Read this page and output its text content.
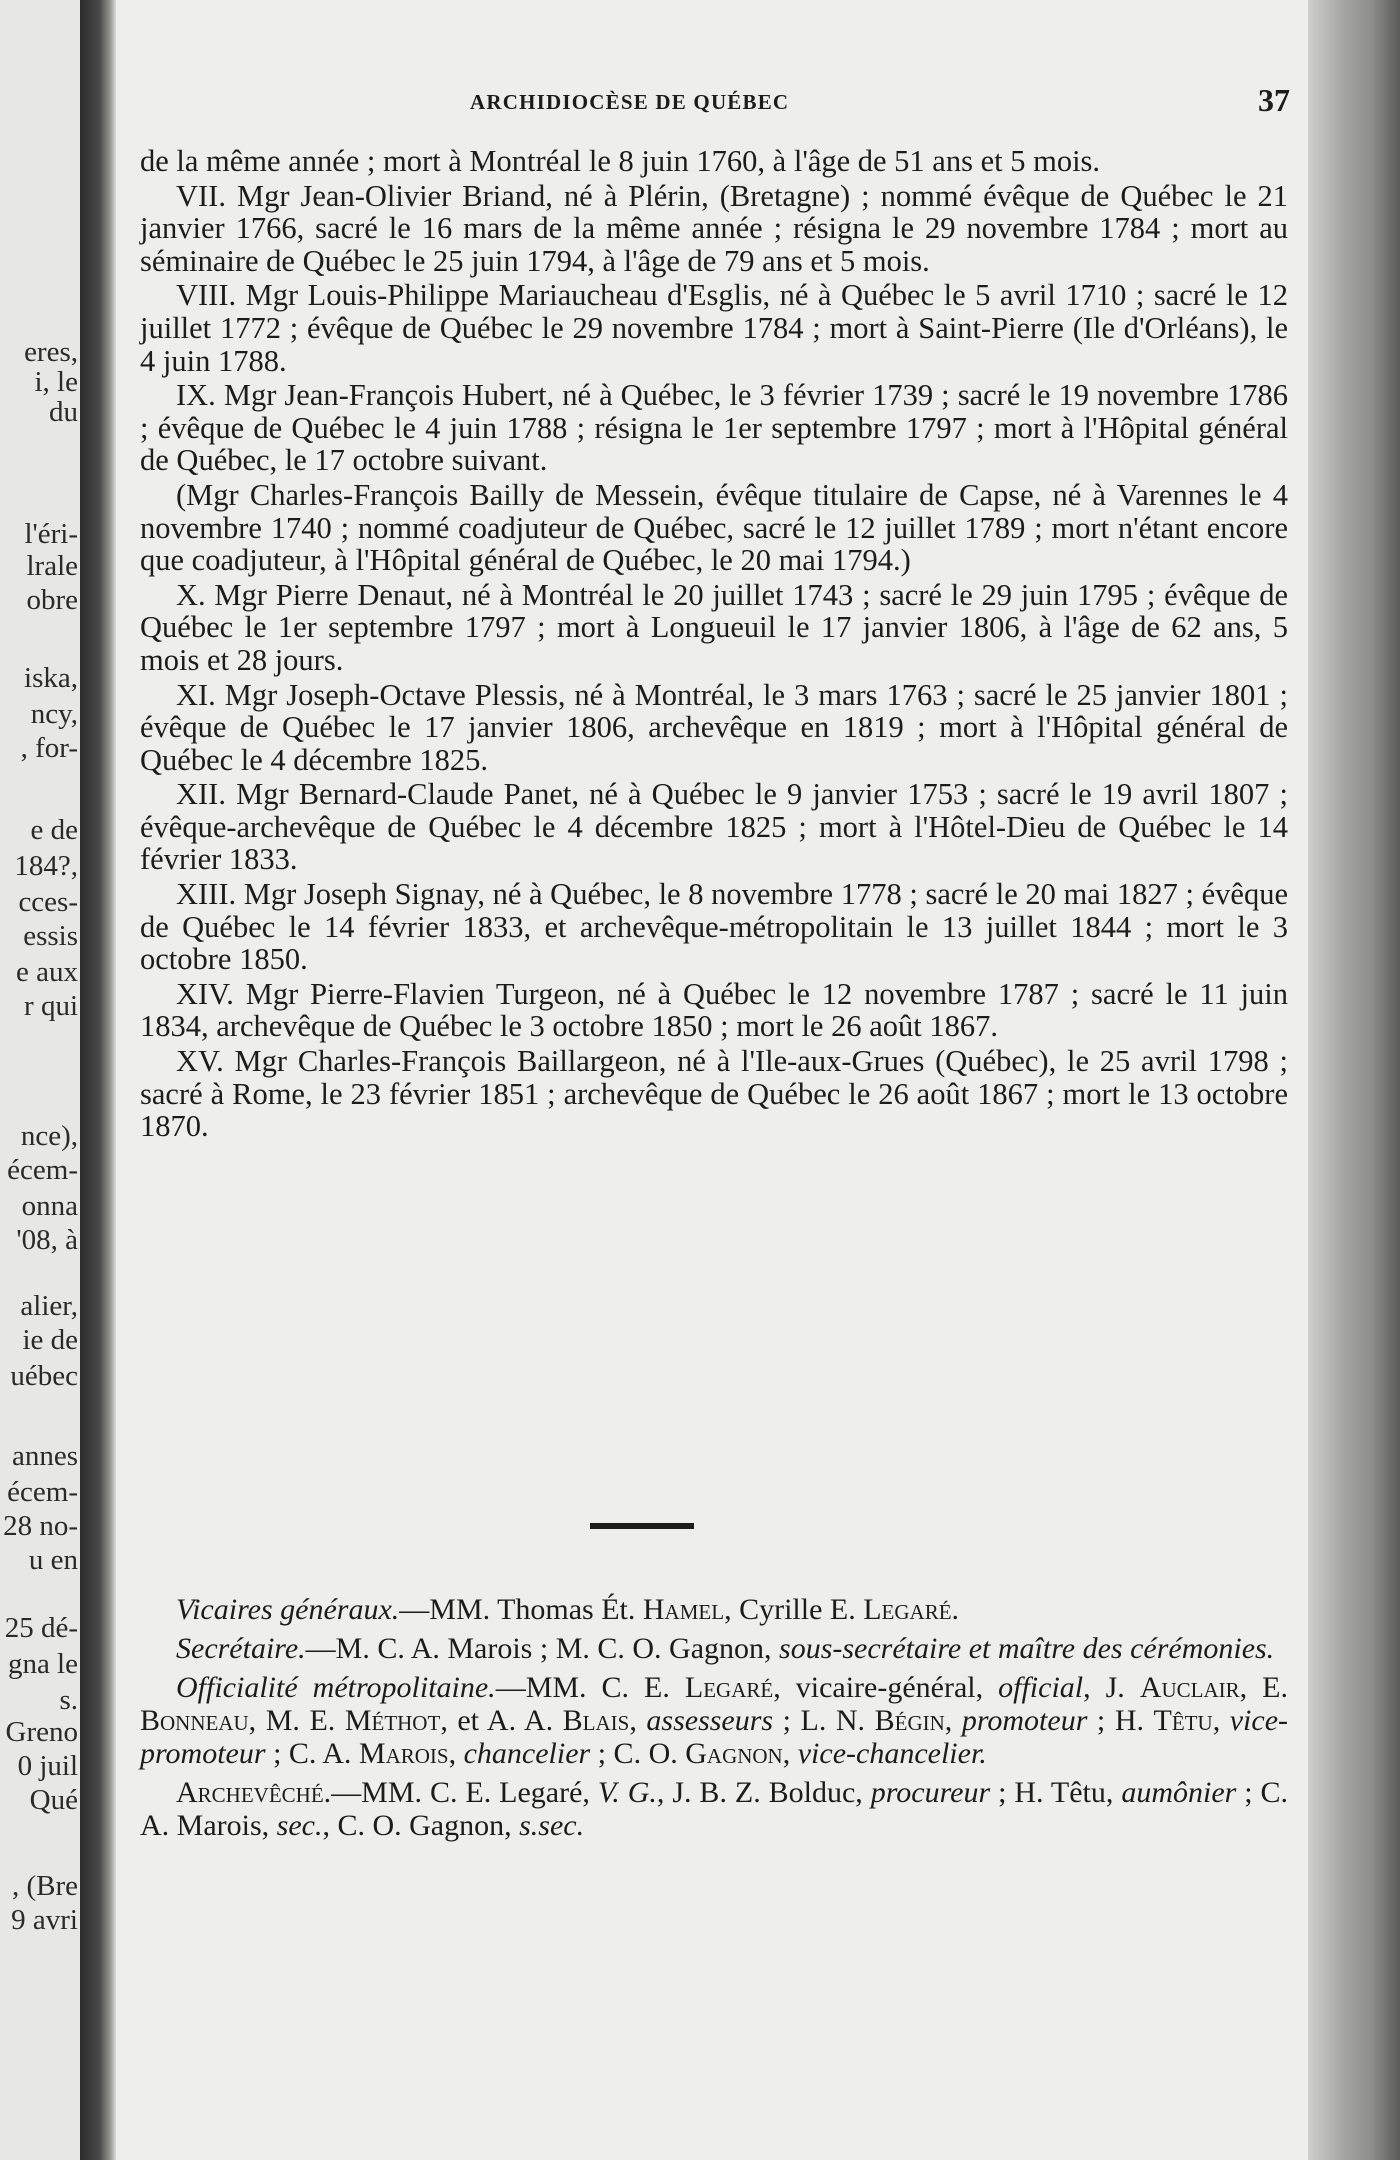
eres,
i, le
du
l'éri-
lrale
obre
iska,
ncy,
, for-
e de
184?,
cces-
essis
e aux
r qui
nce),
écem-
onna
'08, à
alier,
ie de
uébec
annes
écem-
28 no-
u en
25 dé-
gna le
s.
Greno
0 juil
Qué
, (Bre
9 avri
ARCHIDIOCÈSE DE QUÉBEC	37

de la même année ; mort à Montréal le 8 juin 1760, à l'âge de 51 ans et 5 mois.

VII. Mgr Jean-Olivier Briand, né à Plérin, (Bretagne) ; nommé évêque de Québec le 21 janvier 1766, sacré le 16 mars de la même année ; résigna le 29 novembre 1784 ; mort au séminaire de Québec le 25 juin 1794, à l'âge de 79 ans et 5 mois.

VIII. Mgr Louis-Philippe Mariaucheau d'Esglis, né à Québec le 5 avril 1710 ; sacré le 12 juillet 1772 ; évêque de Québec le 29 novembre 1784 ; mort à Saint-Pierre (Ile d'Orléans), le 4 juin 1788.

IX. Mgr Jean-François Hubert, né à Québec, le 3 février 1739 ; sacré le 19 novembre 1786 ; évêque de Québec le 4 juin 1788 ; résigna le 1er septembre 1797 ; mort à l'Hôpital général de Québec, le 17 octobre suivant.

(Mgr Charles-François Bailly de Messein, évêque titulaire de Capse, né à Varennes le 4 novembre 1740 ; nommé coadjuteur de Québec, sacré le 12 juillet 1789 ; mort n'étant encore que coadjuteur, à l'Hôpital général de Québec, le 20 mai 1794.)

X. Mgr Pierre Denaut, né à Montréal le 20 juillet 1743 ; sacré le 29 juin 1795 ; évêque de Québec le 1er septembre 1797 ; mort à Longueuil le 17 janvier 1806, à l'âge de 62 ans, 5 mois et 28 jours.

XI. Mgr Joseph-Octave Plessis, né à Montréal, le 3 mars 1763 ; sacré le 25 janvier 1801 ; évêque de Québec le 17 janvier 1806, archevêque en 1819 ; mort à l'Hôpital général de Québec le 4 décembre 1825.

XII. Mgr Bernard-Claude Panet, né à Québec le 9 janvier 1753 ; sacré le 19 avril 1807 ; évêque-archevêque de Québec le 4 décembre 1825 ; mort à l'Hôtel-Dieu de Québec le 14 février 1833.

XIII. Mgr Joseph Signay, né à Québec, le 8 novembre 1778 ; sacré le 20 mai 1827 ; évêque de Québec le 14 février 1833, et archevêque-métropolitain le 13 juillet 1844 ; mort le 3 octobre 1850.

XIV. Mgr Pierre-Flavien Turgeon, né à Québec le 12 novembre 1787 ; sacré le 11 juin 1834, archevêque de Québec le 3 octobre 1850 ; mort le 26 août 1867.

XV. Mgr Charles-François Baillargeon, né à l'Ile-aux-Grues (Québec), le 25 avril 1798 ; sacré à Rome, le 23 février 1851 ; archevêque de Québec le 26 août 1867 ; mort le 13 octobre 1870.

Vicaires généraux.—MM. Thomas Ét. Hamel, Cyrille E. Legaré.

Secrétaire.—M. C. A. Marois ; M. C. O. Gagnon, sous-secrétaire et maître des cérémonies.

Officialité métropolitaine.—MM. C. E. Legaré, vicaire-général, official, J. Auclair, E. Bonneau, M. E. Méthot, et A. A. Blais, assesseurs ; L. N. Bégin, promoteur ; H. Têtu, vice-promoteur ; C. A. Marois, chancelier ; C. O. Gagnon, vice-chancelier.

Archevêché.—MM. C. E. Legaré, V. G., J. B. Z. Bolduc, procureur ; H. Têtu, aumônier ; C. A. Marois, sec., C. O. Gagnon, s.sec.
